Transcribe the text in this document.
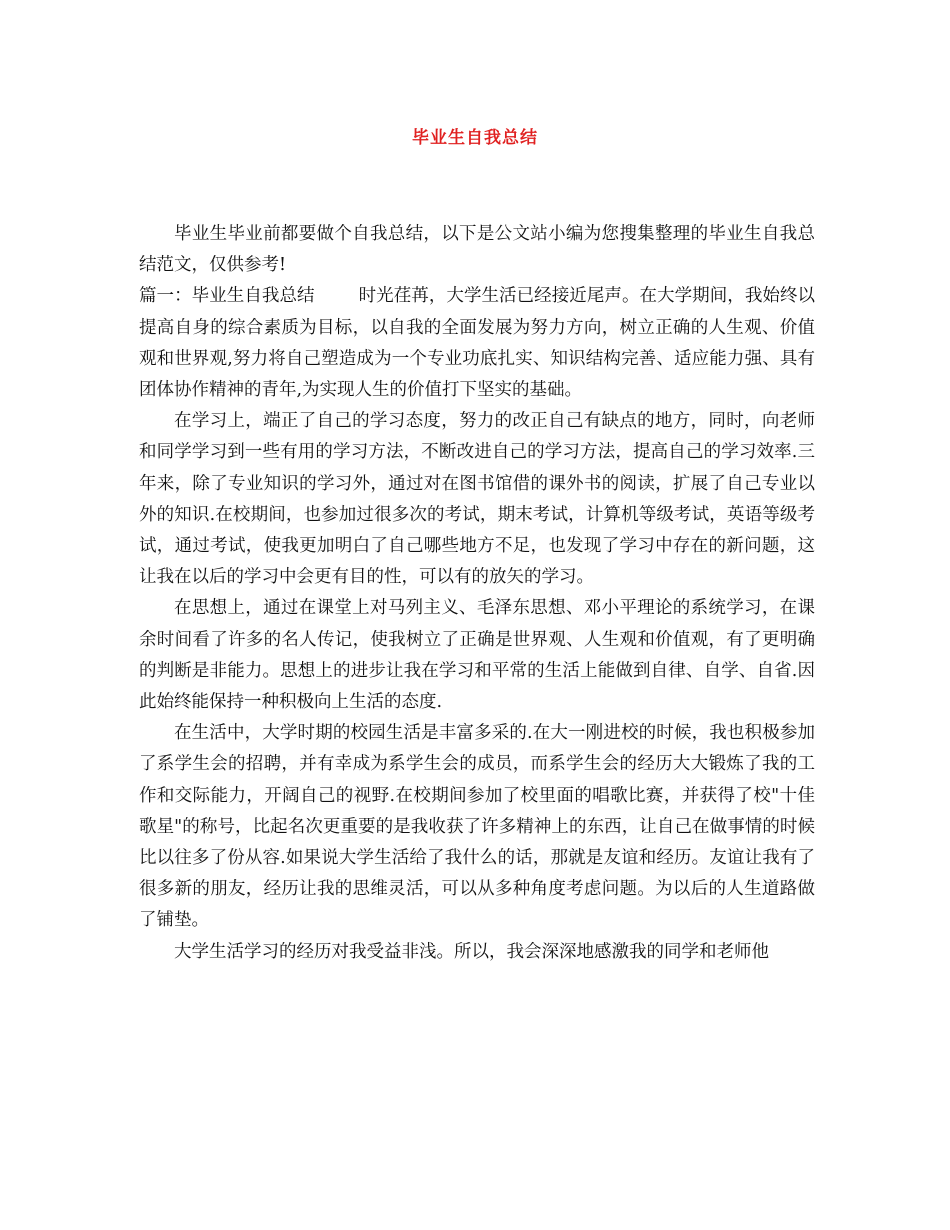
毕业生自我总结

毕业生毕业前都要做个自我总结，以下是公文站小编为您搜集整理的毕业生自我总结范文，仅供参考!

篇一：毕业生自我总结	时光荏苒，大学生活已经接近尾声。在大学期间，我始终以提高自身的综合素质为目标，以自我的全面发展为努力方向，树立正确的人生观、价值观和世界观,努力将自己塑造成为一个专业功底扎实、知识结构完善、适应能力强、具有团体协作精神的青年,为实现人生的价值打下坚实的基础。

在学习上，端正了自己的学习态度，努力的改正自己有缺点的地方，同时，向老师和同学学习到一些有用的学习方法，不断改进自己的学习方法，提高自己的学习效率.三年来，除了专业知识的学习外，通过对在图书馆借的课外书的阅读，扩展了自己专业以外的知识.在校期间，也参加过很多次的考试，期末考试，计算机等级考试，英语等级考试，通过考试，使我更加明白了自己哪些地方不足，也发现了学习中存在的新问题，这让我在以后的学习中会更有目的性，可以有的放矢的学习。

在思想上，通过在课堂上对马列主义、毛泽东思想、邓小平理论的系统学习，在课余时间看了许多的名人传记，使我树立了正确是世界观、人生观和价值观，有了更明确的判断是非能力。思想上的进步让我在学习和平常的生活上能做到自律、自学、自省.因此始终能保持一种积极向上生活的态度.

在生活中，大学时期的校园生活是丰富多采的.在大一刚进校的时候，我也积极参加了系学生会的招聘，并有幸成为系学生会的成员，而系学生会的经历大大锻炼了我的工作和交际能力，开阔自己的视野.在校期间参加了校里面的唱歌比赛，并获得了校"十佳歌星"的称号，比起名次更重要的是我收获了许多精神上的东西，让自己在做事情的时候比以往多了份从容.如果说大学生活给了我什么的话，那就是友谊和经历。友谊让我有了很多新的朋友，经历让我的思维灵活，可以从多种角度考虑问题。为以后的人生道路做了铺垫。

大学生活学习的经历对我受益非浅。所以，我会深深地感激我的同学和老师他
